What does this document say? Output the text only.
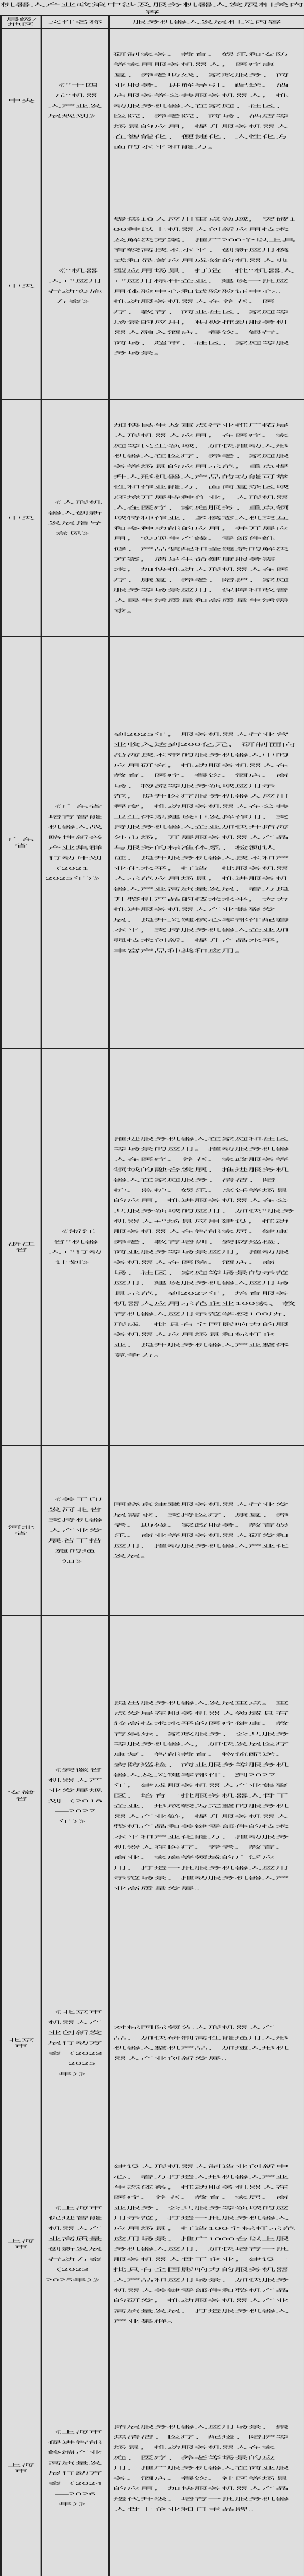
机器人产业政策中涉及服务机器人发展相关内容
层级/地区	文件名称	服务机器人发展相关内容
中央	《"十四五"机器人产业发展规划》	研制家务、教育、娱乐和安防等家用服务机器人，医疗康复、养老助残、家政服务、商业服务、讲解导引、配送、酒店服务等公共服务机器人，推动服务机器人在家庭、社区、医院、养老院、商场、酒店等场景的应用，提升服务机器人在智能化、便捷化、人性化方面的水平和能力。
中央	《"机器人+"应用行动实施方案》	聚焦10大应用重点领域，突破100种以上机器人创新应用技术及解决方案，推广200个以上具有较高技术水平、创新应用模式和显著应用成效的机器人典型应用场景，打造一批"机器人+"应用标杆企业，建设一批应用体验中心和试验验证中心。推动服务机器人在养老、医疗、教育、商业社区、家庭等场景的应用，积极推动服务机器人融入酒店、餐饮、银行、商场、超市、社区、家庭等服务场景。
中央	《人形机器人创新发展指导意见》	加快民生及重点行业推广拓展人形机器人应用，在医疗、家庭等民生领域，加快推动人形机器人在医疗、养老、家庭服务等场景的应用示范，重点提升人形机器人产品的功能可靠性和作业能力，面向复杂区域环境开展特种作业，人形机器人在医疗、家庭服务、重点领域特种作业、多模态人机交互和多种功能的应用，并开展应用，实现生产线、零部件维修、产品装配和全链条的解决方案，满足生命健康服务需求，加快推动人形机器人在医疗、康复、养老、陪护、家庭服务等场景应用，保障和改善人民生活质量和高质量生活需求。
广东省	《广东省培育智能机器人战略性新兴产业集群行动计划（2021—2025年）》	到2025年，服务机器人行业营业收入达到200亿元，研制面向沿海技术带的服务机器人中的应用研究，推动服务机器人在教育、医疗、餐饮、酒店、商场、物流等服务领域应用示范，提升医疗服务机器人应用程度，推动服务机器人在公共卫生体系建设中发挥作用，支持服务机器人企业加快开拓海外市场，开展服务机器人产品与服务的标准体系、检测认证，提升服务机器人技术和产业化水平，打造一批服务机器人示范应用场景，推进服务机器人产业高质量发展，着力提升整机产品的技术水平，大力推进服务机器人产业集聚发展，提升关键核心零部件配套水平，支持服务机器人企业加强技术创新、提升产品水平，丰富产品种类和应用。
浙江省	《浙江省"机器人+"行动计划》	推进服务机器人在家庭和社区等场景的应用。推动服务机器人在医疗、养老、家政服务等领域的融合发展，推进服务机器人在家庭服务、清洁、陪护、监护、娱乐、烹饪等场景的应用，推进服务机器人在公共服务领域的应用，加快"服务机器人+"场景应用建设，推动服务机器人在智能家居、健康养老、教育培训、安防巡检、商业服务等场景应用，推动服务机器人在医院、酒店、商场、社区、家庭等场景的示范应用，建设服务机器人应用场景示范，到2027年，培育服务机器人应用示范企业100家、教育机器人应用示范学校100所，形成一批具有全国影响力的服务机器人应用场景和标杆企业，提升服务机器人产业整体竞争力。
河北省	《关于印发河北省支持机器人产业发展若干措施的通知》	围绕京津冀服务机器人行业发展需求，支持医疗、康复、养老、助残、家政服务、教育娱乐、商业等服务机器人研发和应用，推动服务机器人产业化发展。
安徽省	《安徽省机器人产业发展规划（2018—2027年）》	提出服务机器人发展重点。重点发展在服务机器人领域具有较高技术水平的医疗健康、教育娱乐、家政服务、公共服务等服务机器人，加快发展医疗康复、智能教育、物流配送、安防巡检、商业服务等服务机器人及关键零部件，到2027年，建成服务机器人产业集聚区，培育一批服务机器人骨干企业，形成较为完整的服务机器人产业链，提升服务机器人整机产品和关键零部件的技术水平和产业化能力，推动服务机器人在医疗、养老、教育、商业、家庭等领域的广泛应用，打造一批服务机器人应用示范场景，推动服务机器人产业高质量发展。
北京市	《北京市机器人产业创新发展行动方案（2023—2025年）》	对标国际领先人形机器人产品，加快研制高性能通用人形机器人整机产品，加速人形机器人产业创新发展。
上海市	《上海市促进智能机器人产业高质量创新发展行动方案（2023—2025年）》	建设人形机器人制造业创新中心，着力打造人形机器人产业生态体系，推动服务机器人在医疗、养老、教育、家居、商业服务、公共服务等领域的应用示范，打造一批服务机器人应用场景，打造100个标杆示范应用场景，推广1000台以上服务机器人应用，加快培育一批服务机器人骨干企业，建设一批具有全国影响力的服务机器人产品和应用场景，加快服务机器人关键零部件和整机产品的研发，推动服务机器人产业高质量发展，打造服务机器人产业集群。
上海市	《上海市促进智能终端产业高质量发展行动方案（2024—2026年）》	拓展服务机器人应用场景，聚焦清洁、医疗、配送、陪护等场景，推动服务机器人在家庭、医疗、养老等场景的应用，推广服务机器人在商业服务、酒店、餐饮、社区等场景的应用，加快服务机器人产品迭代升级，培育一批服务机器人骨干企业和自主品牌。
